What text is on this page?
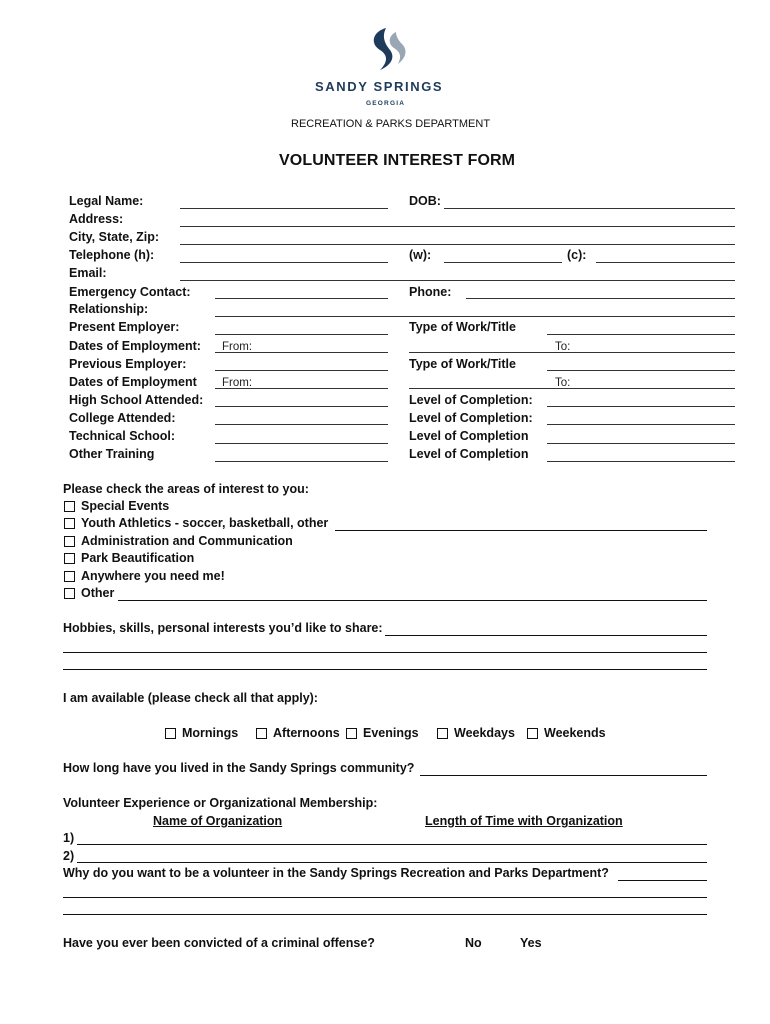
SANDY SPRINGS
GEORGIA
RECREATION & PARKS DEPARTMENT
VOLUNTEER INTEREST FORM
Legal Name:	DOB:
Address:
City, State, Zip:
Telephone (h):	(w):	(c):
Email:
Emergency Contact:	Phone:
Relationship:
Present Employer:	Type of Work/Title
Dates of Employment: From:	To:
Previous Employer:	Type of Work/Title
Dates of Employment From:	To:
High School Attended:	Level of Completion:
College Attended:	Level of Completion:
Technical School:	Level of Completion
Other Training	Level of Completion
Please check the areas of interest to you:
Special Events
Youth Athletics - soccer, basketball, other
Administration and Communication
Park Beautification
Anywhere you need me!
Other
Hobbies, skills, personal interests you’d like to share:
I am available (please check all that apply):
Mornings	Afternoons Evenings	Weekdays Weekends
How long have you lived in the Sandy Springs community?
Volunteer Experience or Organizational Membership:
Name of Organization	Length of Time with Organization
1)
2)
Why do you want to be a volunteer in the Sandy Springs Recreation and Parks Department?
Have you ever been convicted of a criminal offense?	No	Yes
